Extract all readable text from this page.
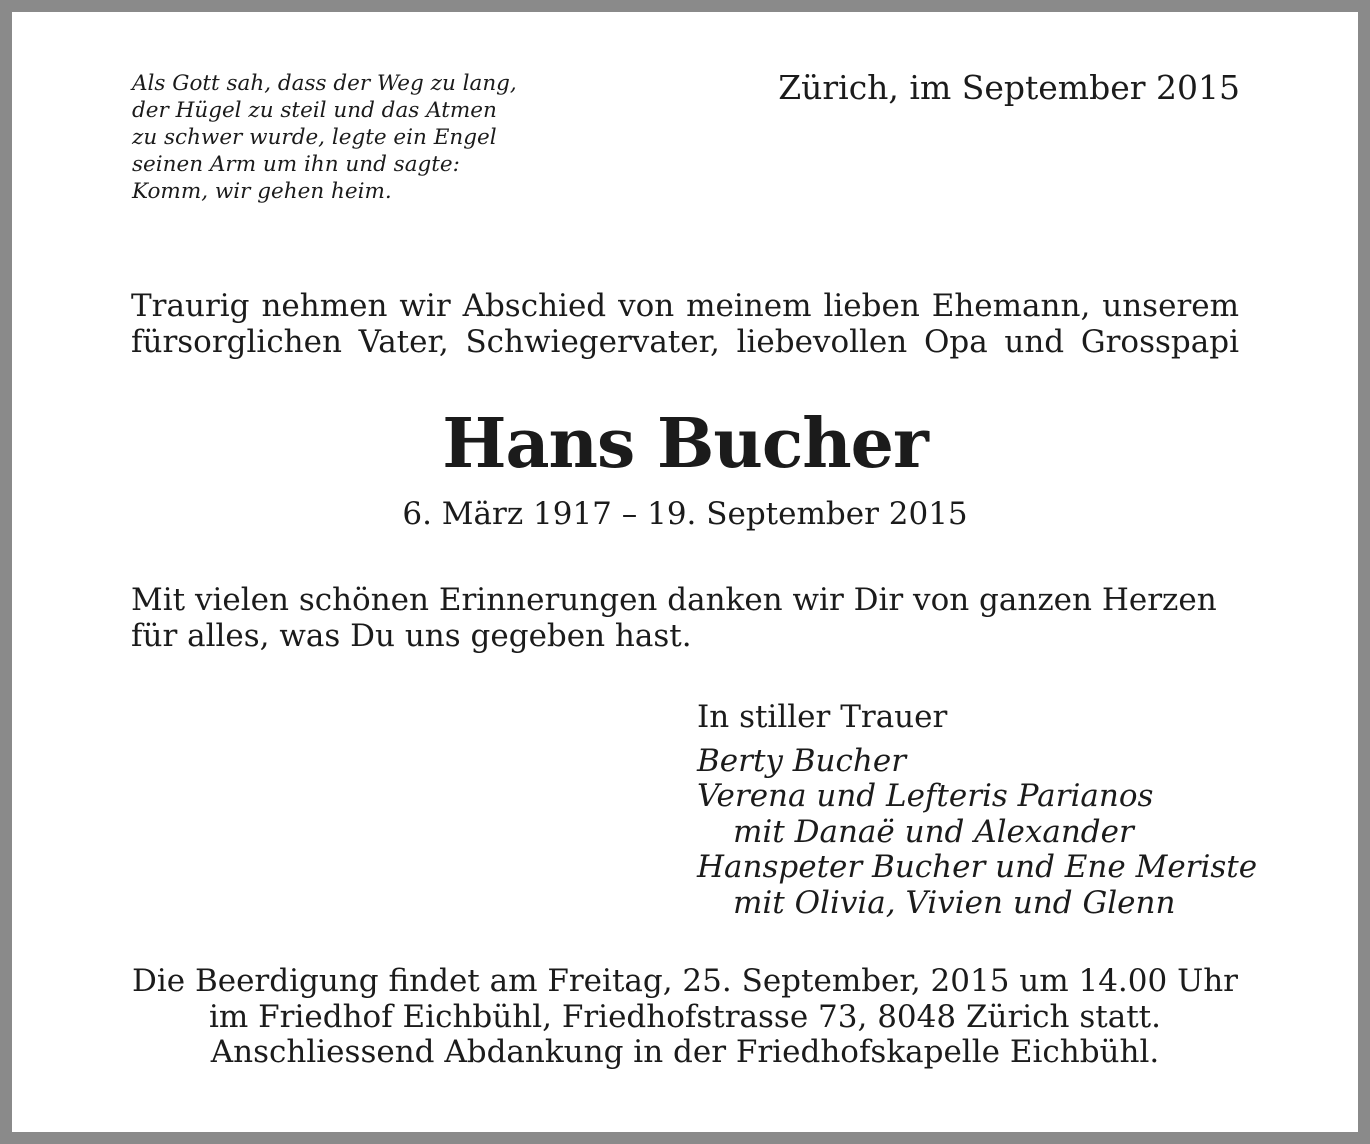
Als Gott sah, dass der Weg zu lang,
der Hügel zu steil und das Atmen
zu schwer wurde, legte ein Engel
seinen Arm um ihn und sagte:
Komm, wir gehen heim.

Zürich, im September 2015
Traurig nehmen wir Abschied von meinem lieben Ehemann, unserem
fürsorglichen Vater, Schwiegervater, liebevollen Opa und Grosspapi
Hans Bucher
6. März 1917 – 19. September 2015
Mit vielen schönen Erinnerungen danken wir Dir von ganzen Herzen
für alles, was Du uns gegeben hast.
In stiller Trauer
Berty Bucher
Verena und Lefteris Parianos
mit Danaë und Alexander
Hanspeter Bucher und Ene Meriste
mit Olivia, Vivien und Glenn
Die Beerdigung findet am Freitag, 25. September, 2015 um 14.00 Uhr
im Friedhof Eichbühl, Friedhofstrasse 73, 8048 Zürich statt.
Anschliessend Abdankung in der Friedhofskapelle Eichbühl.
